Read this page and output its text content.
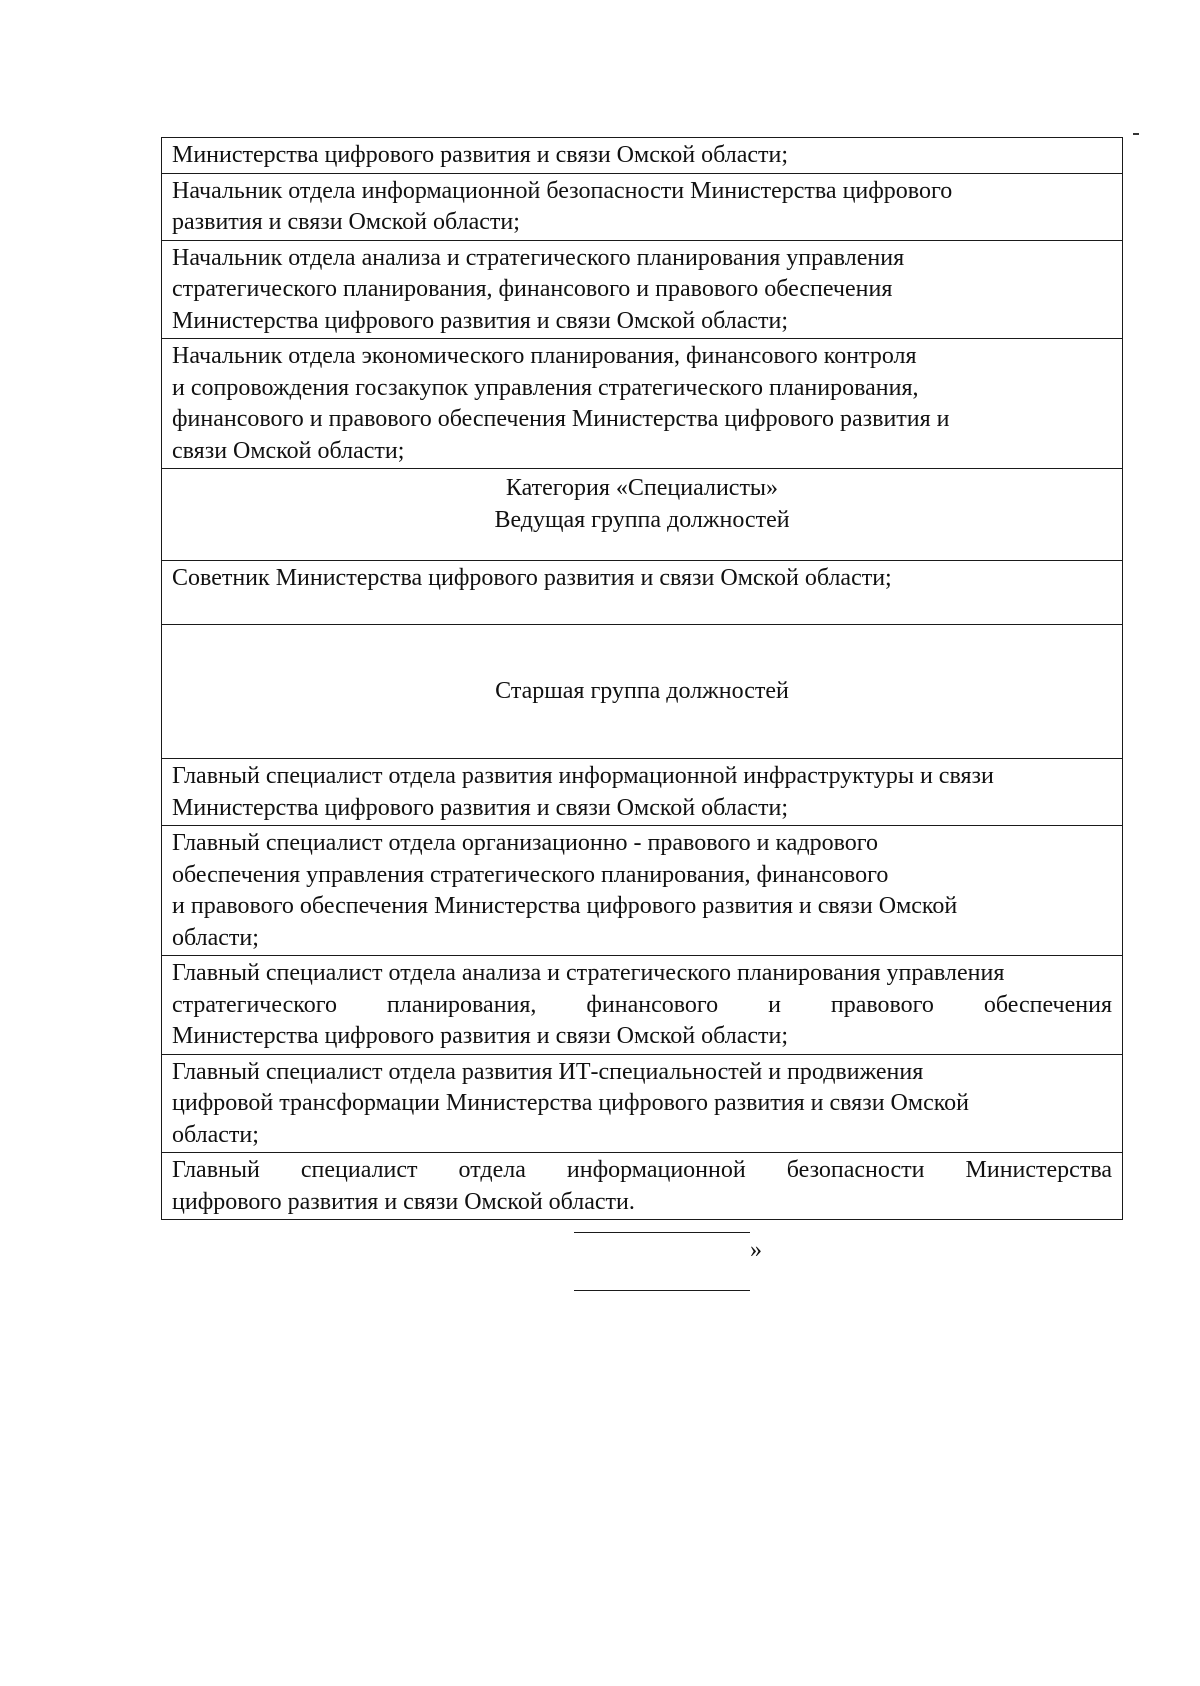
Министерства цифрового развития и связи Омской области;

Начальник отдела информационной безопасности Министерства цифрового
развития и связи Омской области;

Начальник отдела анализа и стратегического планирования управления
стратегического планирования, финансового и правового обеспечения
Министерства цифрового развития и связи Омской области;

Начальник отдела экономического планирования, финансового контроля
и сопровождения госзакупок управления стратегического планирования,
финансового и правового обеспечения Министерства цифрового развития и
связи Омской области;

Категория «Специалисты»
Ведущая группа должностей

Советник Министерства цифрового развития и связи Омской области;

Старшая группа должностей

Главный специалист отдела развития информационной инфраструктуры и связи
Министерства цифрового развития и связи Омской области;

Главный специалист отдела организационно - правового и кадрового
обеспечения управления стратегического планирования, финансового
и правового обеспечения Министерства цифрового развития и связи Омской
области;

Главный специалист отдела анализа и стратегического планирования управления
стратегического планирования, финансового и правового обеспечения
Министерства цифрового развития и связи Омской области;

Главный специалист отдела развития ИТ-специальностей и продвижения
цифровой трансформации Министерства цифрового развития и связи Омской
области;

Главный специалист отдела информационной безопасности Министерства
цифрового развития и связи Омской области.
»
